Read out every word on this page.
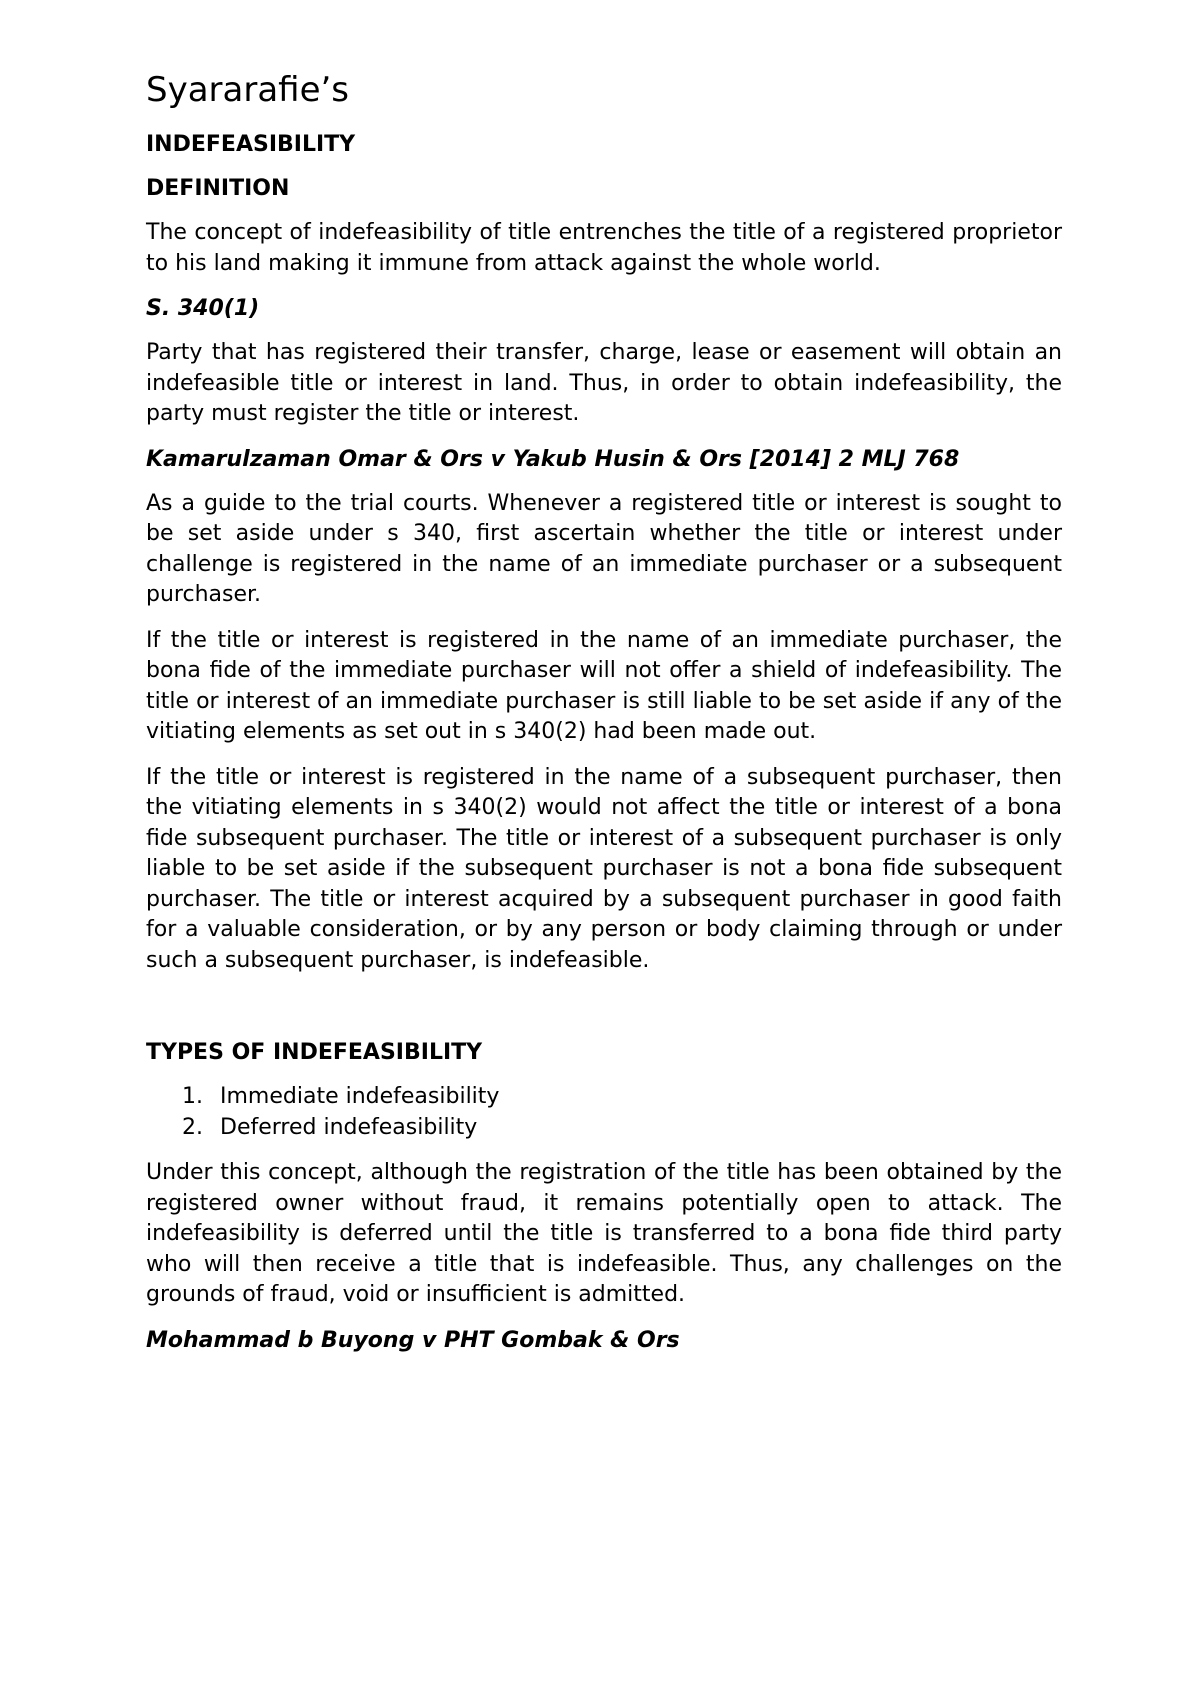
Syararafie’s
INDEFEASIBILITY
DEFINITION

The concept of indefeasibility of title entrenches the title of a registered proprietor to his land making it immune from attack against the whole world.

S. 340(1)

Party that has registered their transfer, charge, lease or easement will obtain an indefeasible title or interest in land. Thus, in order to obtain indefeasibility, the party must register the title or interest.

Kamarulzaman Omar & Ors v Yakub Husin & Ors [2014] 2 MLJ 768

As a guide to the trial courts. Whenever a registered title or interest is sought to be set aside under s 340, first ascertain whether the title or interest under challenge is registered in the name of an immediate purchaser or a subsequent purchaser.

If the title or interest is registered in the name of an immediate purchaser, the bona fide of the immediate purchaser will not offer a shield of indefeasibility. The title or interest of an immediate purchaser is still liable to be set aside if any of the vitiating elements as set out in s 340(2) had been made out.

If the title or interest is registered in the name of a subsequent purchaser, then the vitiating elements in s 340(2) would not affect the title or interest of a bona fide subsequent purchaser. The title or interest of a subsequent purchaser is only liable to be set aside if the subsequent purchaser is not a bona fide subsequent purchaser. The title or interest acquired by a subsequent purchaser in good faith for a valuable consideration, or by any person or body claiming through or under such a subsequent purchaser, is indefeasible.

TYPES OF INDEFEASIBILITY
1. Immediate indefeasibility
2. Deferred indefeasibility

Under this concept, although the registration of the title has been obtained by the registered owner without fraud, it remains potentially open to attack. The indefeasibility is deferred until the title is transferred to a bona fide third party who will then receive a title that is indefeasible. Thus, any challenges on the grounds of fraud, void or insufficient is admitted.

Mohammad b Buyong v PHT Gombak & Ors
